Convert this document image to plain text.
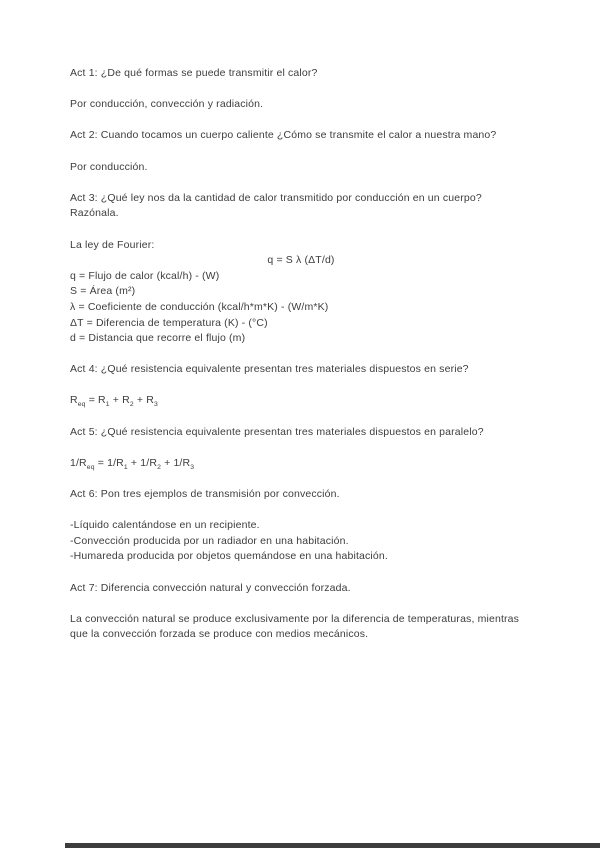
Act 1: ¿De qué formas se puede transmitir el calor?

Por conducción, convección y radiación.

Act 2: Cuando tocamos un cuerpo caliente ¿Cómo se transmite el calor a nuestra mano?

Por conducción.

Act 3: ¿Qué ley nos da la cantidad de calor transmitido por conducción en un cuerpo? Razónala.

La ley de Fourier:

q = S λ (ΔT/d)

q = Flujo de calor (kcal/h) - (W)

S = Área (m²)

λ = Coeficiente de conducción (kcal/h*m*K) - (W/m*K)

ΔT = Diferencia de temperatura (K) - (°C)

d = Distancia que recorre el flujo (m)

Act 4: ¿Qué resistencia equivalente presentan tres materiales dispuestos en serie?

$R_{eq} = R_1 + R_2 + R_3$

Act 5: ¿Qué resistencia equivalente presentan tres materiales dispuestos en paralelo?

$1/R_{eq} = 1/R_1 + 1/R_2 + 1/R_3$

Act 6: Pon tres ejemplos de transmisión por convección.

-Líquido calentándose en un recipiente.

-Convección producida por un radiador en una habitación.

-Humareda producida por objetos quemándose en una habitación.

Act 7: Diferencia convección natural y convección forzada.

La convección natural se produce exclusivamente por la diferencia de temperaturas, mientras que la convección forzada se produce con medios mecánicos.
